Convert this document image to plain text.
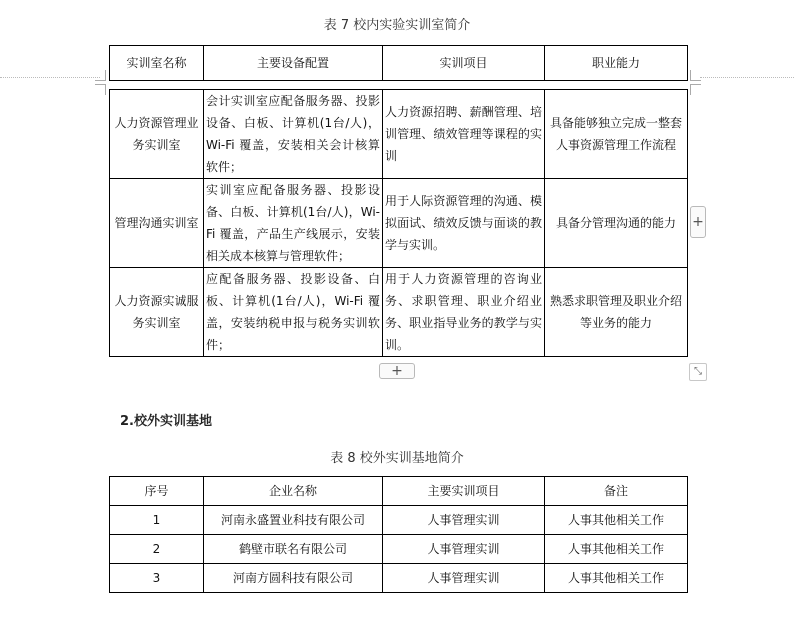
表 7 校内实验实训室简介
实训室名称	主要设备配置	实训项目	职业能力

人力资源管理业务实训室	会计实训室应配备服务器、投影设备、白板、计算机(1台/人)，Wi-Fi 覆盖，安装相关会计核算软件；	人力资源招聘、薪酬管理、培训管理、绩效管理等课程的实训	具备能够独立完成一整套人事资源管理工作流程
管理沟通实训室	实训室应配备服务器、投影设备、白板、计算机(1台/人)，Wi-Fi 覆盖，产品生产线展示，安装相关成本核算与管理软件；	用于人际资源管理的沟通、模拟面试、绩效反馈与面谈的教学与实训。	具备分管理沟通的能力
人力资源实诚服务实训室	应配备服务器、投影设备、白板、计算机(1台/人)，Wi-Fi 覆盖，安装纳税申报与税务实训软件；	用于人力资源管理的咨询业务、求职管理、职业介绍业务、职业指导业务的教学与实训。	熟悉求职管理及职业介绍等业务的能力
+
+	⤡
2.校外实训基地
表 8 校外实训基地简介
序号	企业名称	主要实训项目	备注
1	河南永盛置业科技有限公司	人事管理实训	人事其他相关工作
2	鹤壁市联名有限公司	人事管理实训	人事其他相关工作
3	河南方圆科技有限公司	人事管理实训	人事其他相关工作
